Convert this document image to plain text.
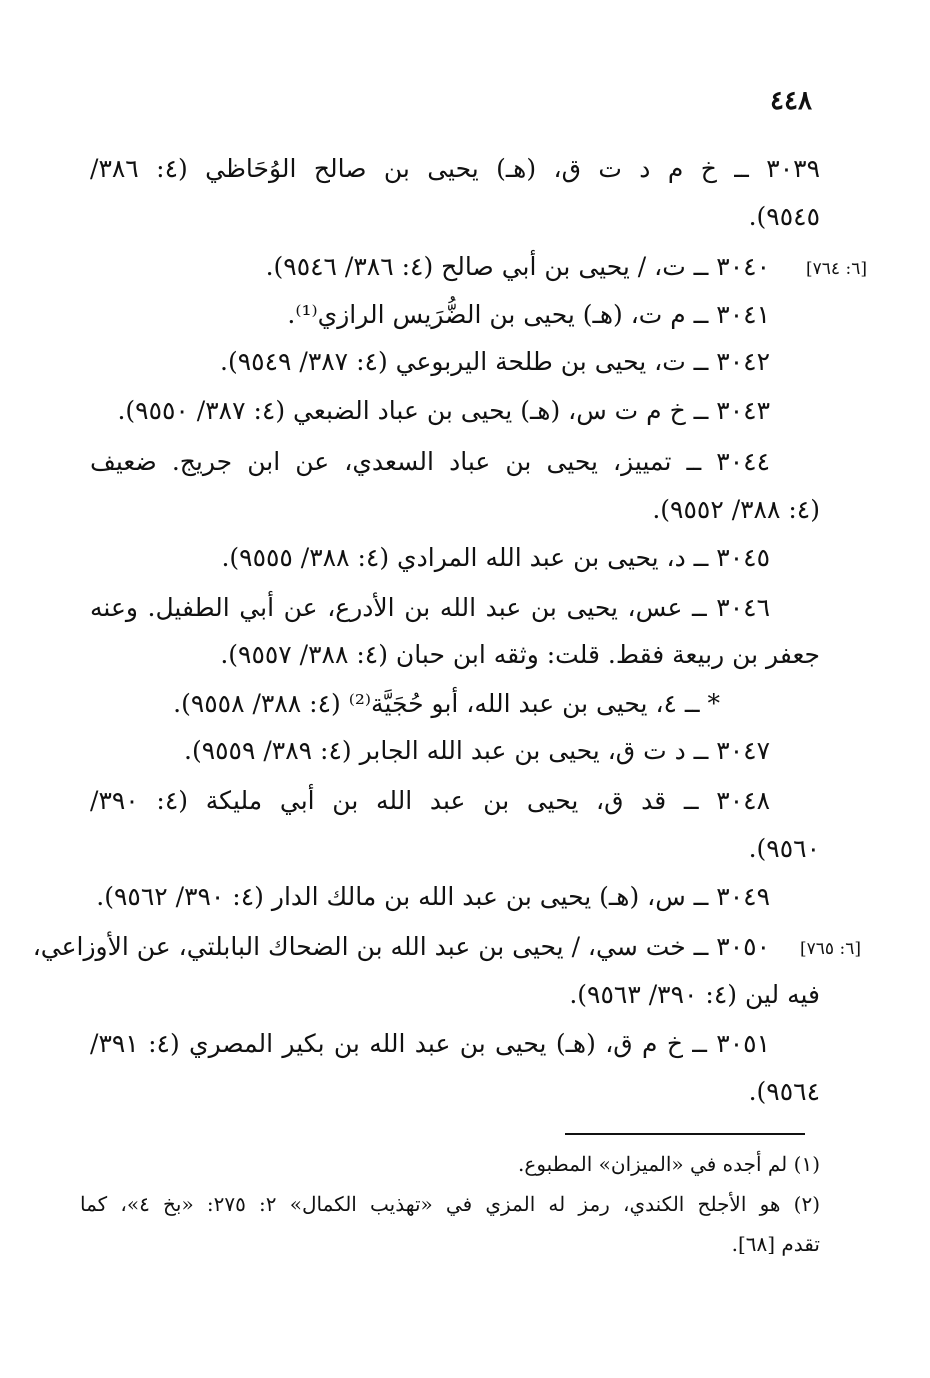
٤٤٨
٣٠٣٩ ــ خ م د ت ق، (هـ) يحيى بن صالح الوُحَاظي (٤: ٣٨٦/
٩٥٤٥).
٣٠٤٠ ــ ت، / يحيى بن أبي صالح (٤: ٣٨٦/ ٩٥٤٦). [٦: ٧٦٤]
٣٠٤١ ــ م ت، (هـ) يحيى بن الضُّرَيس الرازي⁽¹⁾.
٣٠٤٢ ــ ت، يحيى بن طلحة اليربوعي (٤: ٣٨٧/ ٩٥٤٩).
٣٠٤٣ ــ خ م ت س، (هـ) يحيى بن عباد الضبعي (٤: ٣٨٧/ ٩٥٥٠).
٣٠٤٤ ــ تمييز، يحيى بن عباد السعدي، عن ابن جريج. ضعيف
(٤: ٣٨٨/ ٩٥٥٢).
٣٠٤٥ ــ د، يحيى بن عبد الله المرادي (٤: ٣٨٨/ ٩٥٥٥).
٣٠٤٦ ــ عس، يحيى بن عبد الله بن الأدرع، عن أبي الطفيل. وعنه
جعفر بن ربيعة فقط. قلت: وثقه ابن حبان (٤: ٣٨٨/ ٩٥٥٧).
* ــ ٤، يحيى بن عبد الله، أبو حُجَيَّة⁽²⁾ (٤: ٣٨٨/ ٩٥٥٨).
٣٠٤٧ ــ د ت ق، يحيى بن عبد الله الجابر (٤: ٣٨٩/ ٩٥٥٩).
٣٠٤٨ ــ قد ق، يحيى بن عبد الله بن أبي مليكة (٤: ٣٩٠/
٩٥٦٠).
٣٠٤٩ ــ س، (هـ) يحيى بن عبد الله بن مالك الدار (٤: ٣٩٠/ ٩٥٦٢).
٣٠٥٠ ــ خت سي، / يحيى بن عبد الله بن الضحاك البابلتي، عن الأوزاعي، [٦: ٧٦٥]
فيه لين (٤: ٣٩٠/ ٩٥٦٣).
٣٠٥١ ــ خ م ق، (هـ) يحيى بن عبد الله بن بكير المصري (٤: ٣٩١/
٩٥٦٤).
(١) لم أجده في «الميزان» المطبوع.
(٢) هو الأجلح الكندي، رمز له المزي في «تهذيب الكمال» ٢: ٢٧٥: «بخ ٤»، كما
تقدم [٦٨].
